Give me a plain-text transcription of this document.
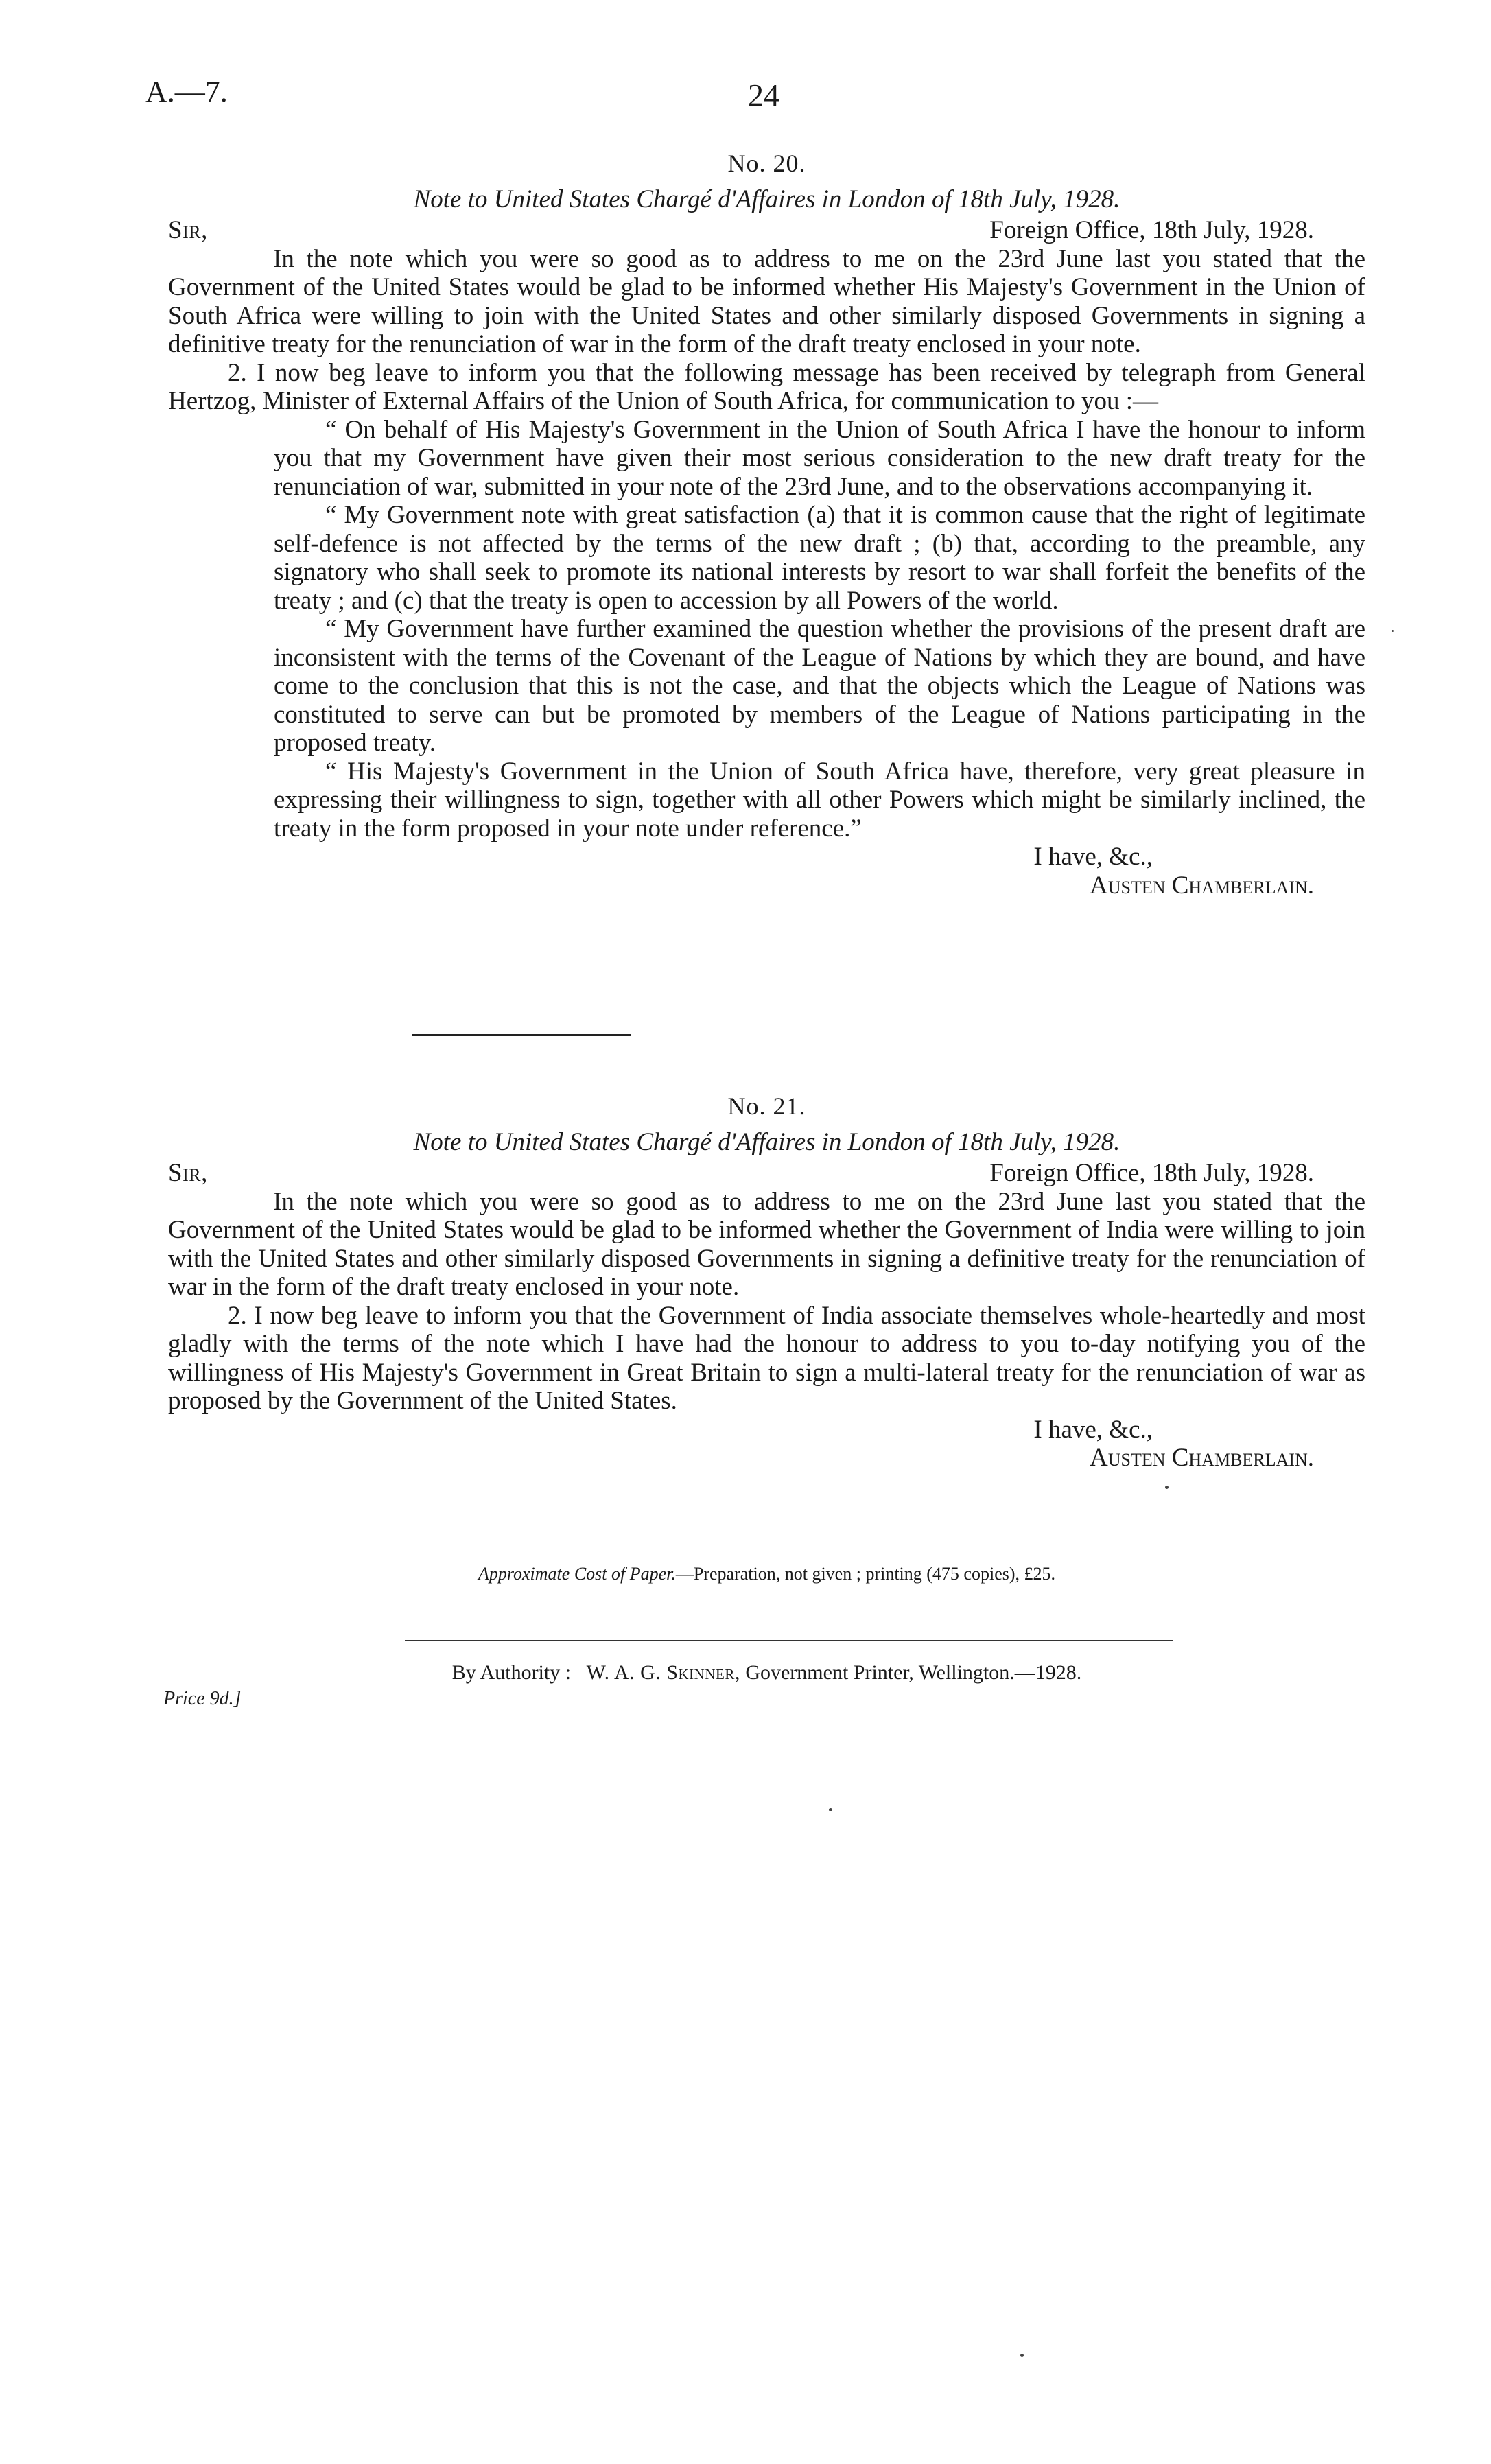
A.—7.	24
No. 20.
Note to United States Chargé d'Affaires in London of 18th July, 1928.
Sir,	Foreign Office, 18th July, 1928.

In the note which you were so good as to address to me on the 23rd June last you stated that the Government of the United States would be glad to be informed whether His Majesty's Government in the Union of South Africa were willing to join with the United States and other similarly disposed Governments in signing a definitive treaty for the renunciation of war in the form of the draft treaty enclosed in your note.

2. I now beg leave to inform you that the following message has been received by telegraph from General Hertzog, Minister of External Affairs of the Union of South Africa, for communication to you :—

“ On behalf of His Majesty's Government in the Union of South Africa I have the honour to inform you that my Government have given their most serious consideration to the new draft treaty for the renunciation of war, submitted in your note of the 23rd June, and to the observations accompanying it.

“ My Government note with great satisfaction (a) that it is common cause that the right of legitimate self-defence is not affected by the terms of the new draft ; (b) that, according to the preamble, any signatory who shall seek to promote its national interests by resort to war shall forfeit the benefits of the treaty ; and (c) that the treaty is open to accession by all Powers of the world.

“ My Government have further examined the question whether the provisions of the present draft are inconsistent with the terms of the Covenant of the League of Nations by which they are bound, and have come to the conclusion that this is not the case, and that the objects which the League of Nations was constituted to serve can but be promoted by members of the League of Nations participating in the proposed treaty.

“ His Majesty's Government in the Union of South Africa have, therefore, very great pleasure in expressing their willingness to sign, together with all other Powers which might be similarly inclined, the treaty in the form proposed in your note under reference.”

I have, &c.,
Austen Chamberlain.
No. 21.
Note to United States Chargé d'Affaires in London of 18th July, 1928.
Sir,	Foreign Office, 18th July, 1928.

In the note which you were so good as to address to me on the 23rd June last you stated that the Government of the United States would be glad to be informed whether the Government of India were willing to join with the United States and other similarly disposed Governments in signing a definitive treaty for the renunciation of war in the form of the draft treaty enclosed in your note.

2. I now beg leave to inform you that the Government of India associate themselves whole-heartedly and most gladly with the terms of the note which I have had the honour to address to you to-day notifying you of the willingness of His Majesty's Government in Great Britain to sign a multi-lateral treaty for the renunciation of war as proposed by the Government of the United States.

I have, &c.,
Austen Chamberlain.
Approximate Cost of Paper.—Preparation, not given ; printing (475 copies), £25.
By Authority : W. A. G. Skinner, Government Printer, Wellington.—1928.
Price 9d.]
